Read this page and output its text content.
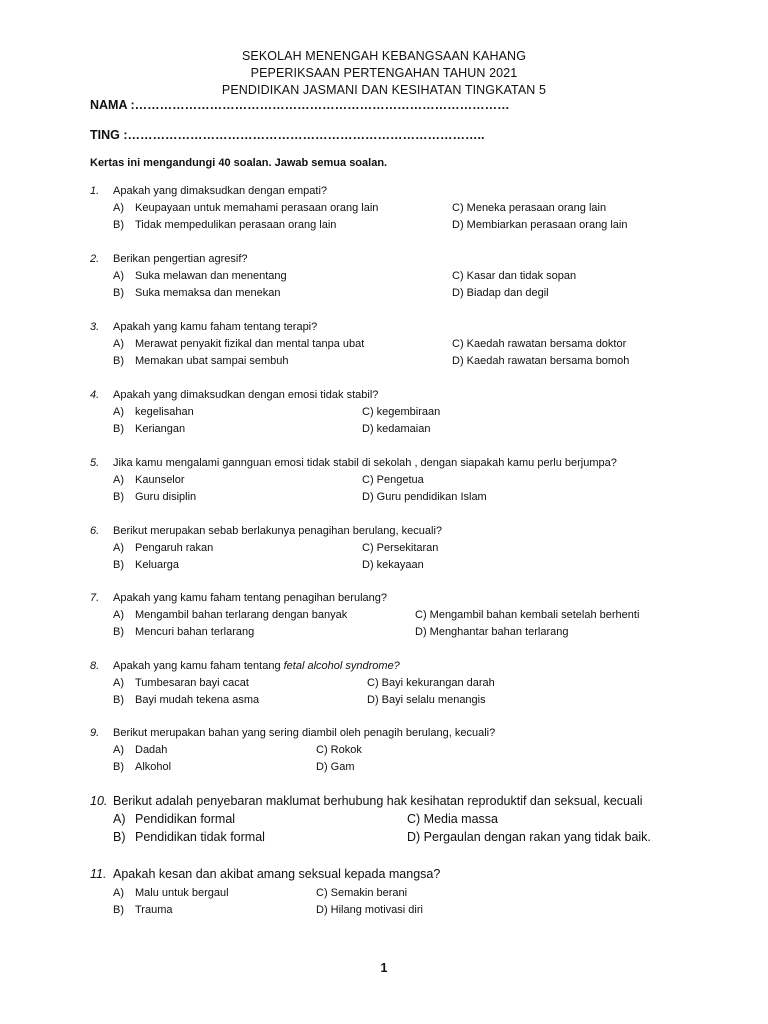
SEKOLAH MENENGAH KEBANGSAAN KAHANG
PEPERIKSAAN PERTENGAHAN TAHUN 2021
PENDIDIKAN JASMANI DAN KESIHATAN TINGKATAN 5
NAMA :………………………………………………………………………………
TING :…………………………………………………………………………..
Kertas ini mengandungi 40 soalan. Jawab semua soalan.
1. Apakah yang dimaksudkan dengan empati?
A) Keupayaan untuk memahami perasaan orang lain	C) Meneka perasaan orang lain
B) Tidak mempedulikan perasaan orang lain	D) Membiarkan perasaan orang lain
2. Berikan pengertian agresif?
A) Suka melawan dan menentang	C) Kasar dan tidak sopan
B) Suka memaksa dan menekan	D) Biadap dan degil
3. Apakah yang kamu faham tentang terapi?
A) Merawat penyakit fizikal dan mental tanpa ubat	C) Kaedah rawatan bersama doktor
B) Memakan ubat sampai sembuh	D) Kaedah rawatan bersama bomoh
4. Apakah yang dimaksudkan dengan emosi tidak stabil?
A) kegelisahan	C) kegembiraan
B) Keriangan	D) kedamaian
5. Jika kamu mengalami gannguan emosi tidak stabil di sekolah , dengan siapakah kamu perlu berjumpa?
A) Kaunselor	C) Pengetua
B) Guru disiplin	D) Guru pendidikan Islam
6. Berikut merupakan sebab berlakunya penagihan berulang, kecuali?
A) Pengaruh rakan	C) Persekitaran
B) Keluarga	D) kekayaan
7. Apakah yang kamu faham tentang penagihan berulang?
A) Mengambil bahan terlarang dengan banyak	C) Mengambil bahan kembali setelah berhenti
B) Mencuri bahan terlarang	D) Menghantar bahan terlarang
8. Apakah yang kamu faham tentang fetal alcohol syndrome?
A) Tumbesaran bayi cacat	C) Bayi kekurangan darah
B) Bayi mudah tekena asma	D) Bayi selalu menangis
9. Berikut merupakan bahan yang sering diambil oleh penagih berulang, kecuali?
A) Dadah	C) Rokok
B) Alkohol	D) Gam
10. Berikut adalah penyebaran maklumat berhubung hak kesihatan reproduktif dan seksual, kecuali
A) Pendidikan formal	C) Media massa
B) Pendidikan tidak formal	D) Pergaulan dengan rakan yang tidak baik.
11. Apakah kesan dan akibat amang seksual kepada mangsa?
A) Malu untuk bergaul	C) Semakin berani
B) Trauma	D) Hilang motivasi diri
1
